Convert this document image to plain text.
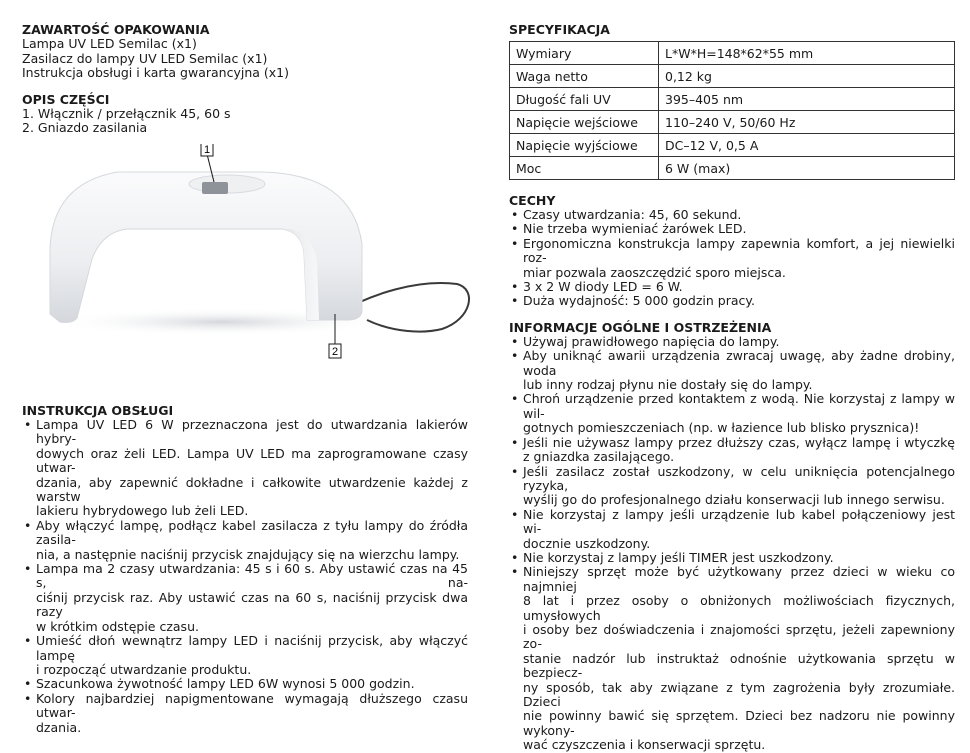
ZAWARTOŚĆ OPAKOWANIA

Lampa UV LED Semilac (x1)

Zasilacz do lampy UV LED Semilac (x1)

Instrukcja obsługi i karta gwarancyjna (x1)

OPIS CZĘŚCI

1. Włącznik / przełącznik 45, 60 s

2. Gniazdo zasilania

1
2

INSTRUKCJA OBSŁUGI

• Lampa UV LED 6 W przeznaczona jest do utwardzania lakierów hybry-
dowych oraz żeli LED. Lampa UV LED ma zaprogramowane czasy utwar-
dzania, aby zapewnić dokładne i całkowite utwardzenie każdej z warstw
lakieru hybrydowego lub żeli LED.
• Aby włączyć lampę, podłącz kabel zasilacza z tyłu lampy do źródła zasila-
nia, a następnie naciśnij przycisk znajdujący się na wierzchu lampy.
• Lampa ma 2 czasy utwardzania: 45 s i 60 s. Aby ustawić czas na 45 s, na-
ciśnij przycisk raz. Aby ustawić czas na 60 s, naciśnij przycisk dwa razy
w krótkim odstępie czasu.
• Umieść dłoń wewnątrz lampy LED i naciśnij przycisk, aby włączyć lampę
i rozpocząć utwardzanie produktu.
• Szacunkowa żywotność lampy LED 6W wynosi 5 000 godzin.
• Kolory najbardziej napigmentowane wymagają dłuższego czasu utwar-
dzania.

SPECYFIKACJA

Wymiary	L*W*H=148*62*55 mm
Waga netto	0,12 kg
Długość fali UV	395–405 nm
Napięcie wejściowe	110–240 V, 50/60 Hz
Napięcie wyjściowe	DC–12 V, 0,5 A
Moc	6 W (max)

CECHY

• Czasy utwardzania: 45, 60 sekund.
• Nie trzeba wymieniać żarówek LED.
• Ergonomiczna konstrukcja lampy zapewnia komfort, a jej niewielki roz-
miar pozwala zaoszczędzić sporo miejsca.
• 3 x 2 W diody LED = 6 W.
• Duża wydajność: 5 000 godzin pracy.

INFORMACJE OGÓLNE I OSTRZEŻENIA

• Używaj prawidłowego napięcia do lampy.
• Aby uniknąć awarii urządzenia zwracaj uwagę, aby żadne drobiny, woda
lub inny rodzaj płynu nie dostały się do lampy.
• Chroń urządzenie przed kontaktem z wodą. Nie korzystaj z lampy w wil-
gotnych pomieszczeniach (np. w łazience lub blisko prysznica)!
• Jeśli nie używasz lampy przez dłuższy czas, wyłącz lampę i wtyczkę
z gniazdka zasilającego.
• Jeśli zasilacz został uszkodzony, w celu uniknięcia potencjalnego ryzyka,
wyślij go do profesjonalnego działu konserwacji lub innego serwisu.
• Nie korzystaj z lampy jeśli urządzenie lub kabel połączeniowy jest wi-
docznie uszkodzony.
• Nie korzystaj z lampy jeśli TIMER jest uszkodzony.
• Niniejszy sprzęt może być użytkowany przez dzieci w wieku co najmniej
8 lat i przez osoby o obniżonych możliwościach fizycznych, umysłowych
i osoby bez doświadczenia i znajomości sprzętu, jeżeli zapewniony zo-
stanie nadzór lub instruktaż odnośnie użytkowania sprzętu w bezpiecz-
ny sposób, tak aby związane z tym zagrożenia były zrozumiałe. Dzieci
nie powinny bawić się sprzętem. Dzieci bez nadzoru nie powinny wykony-
wać czyszczenia i konserwacji sprzętu.
